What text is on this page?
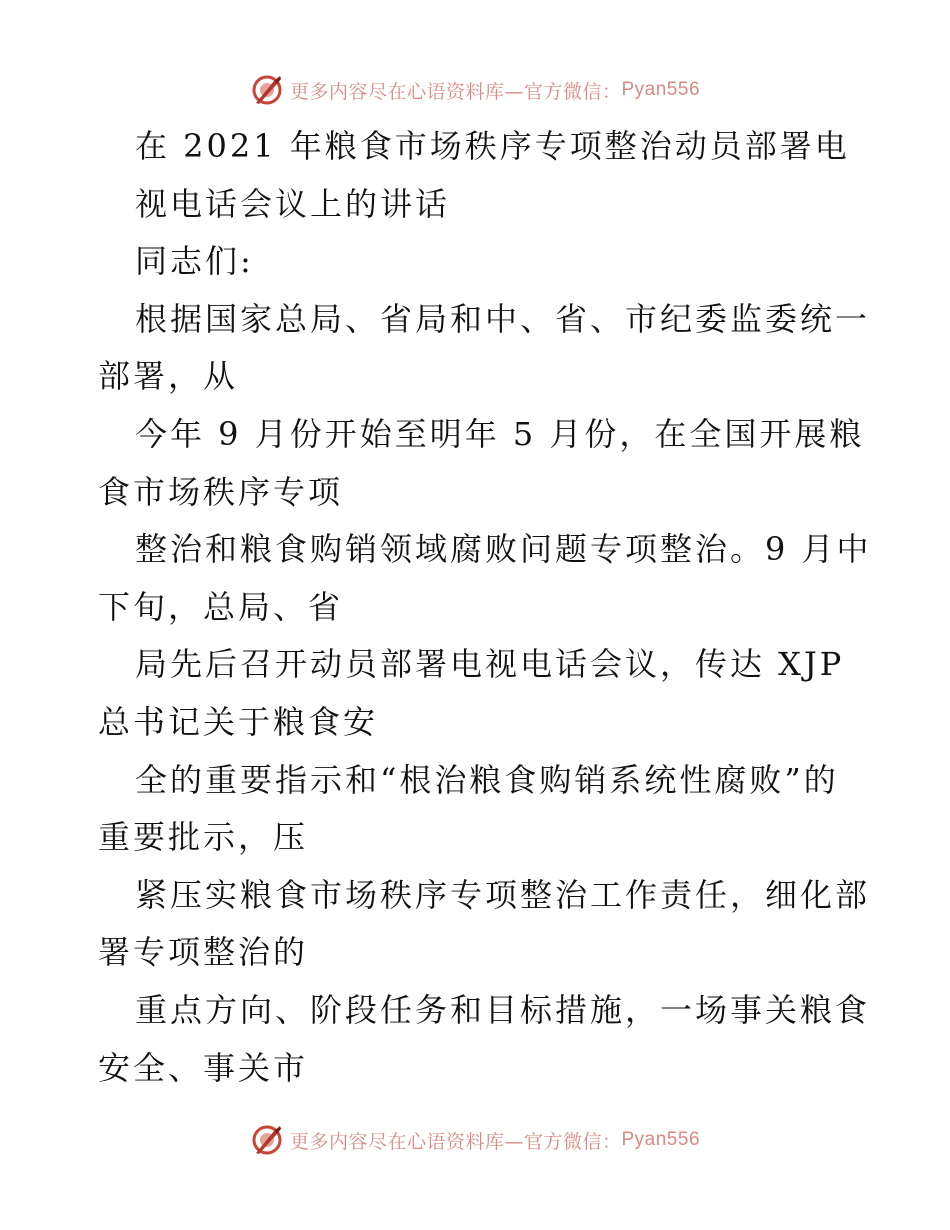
更多内容尽在心语资料库—官方微信： Pyan556
在 2021 年粮食市场秩序专项整治动员部署电
视电话会议上的讲话
同志们:
根据国家总局、省局和中、省、市纪委监委统一
部署，从
今年 9 月份开始至明年 5 月份，在全国开展粮
食市场秩序专项
整治和粮食购销领域腐败问题专项整治。9 月中
下旬，总局、省
局先后召开动员部署电视电话会议，传达 XJP
总书记关于粮食安
全的重要指示和“根治粮食购销系统性腐败”的
重要批示，压
紧压实粮食市场秩序专项整治工作责任，细化部
署专项整治的
重点方向、阶段任务和目标措施，一场事关粮食
安全、事关市
更多内容尽在心语资料库—官方微信： Pyan556
